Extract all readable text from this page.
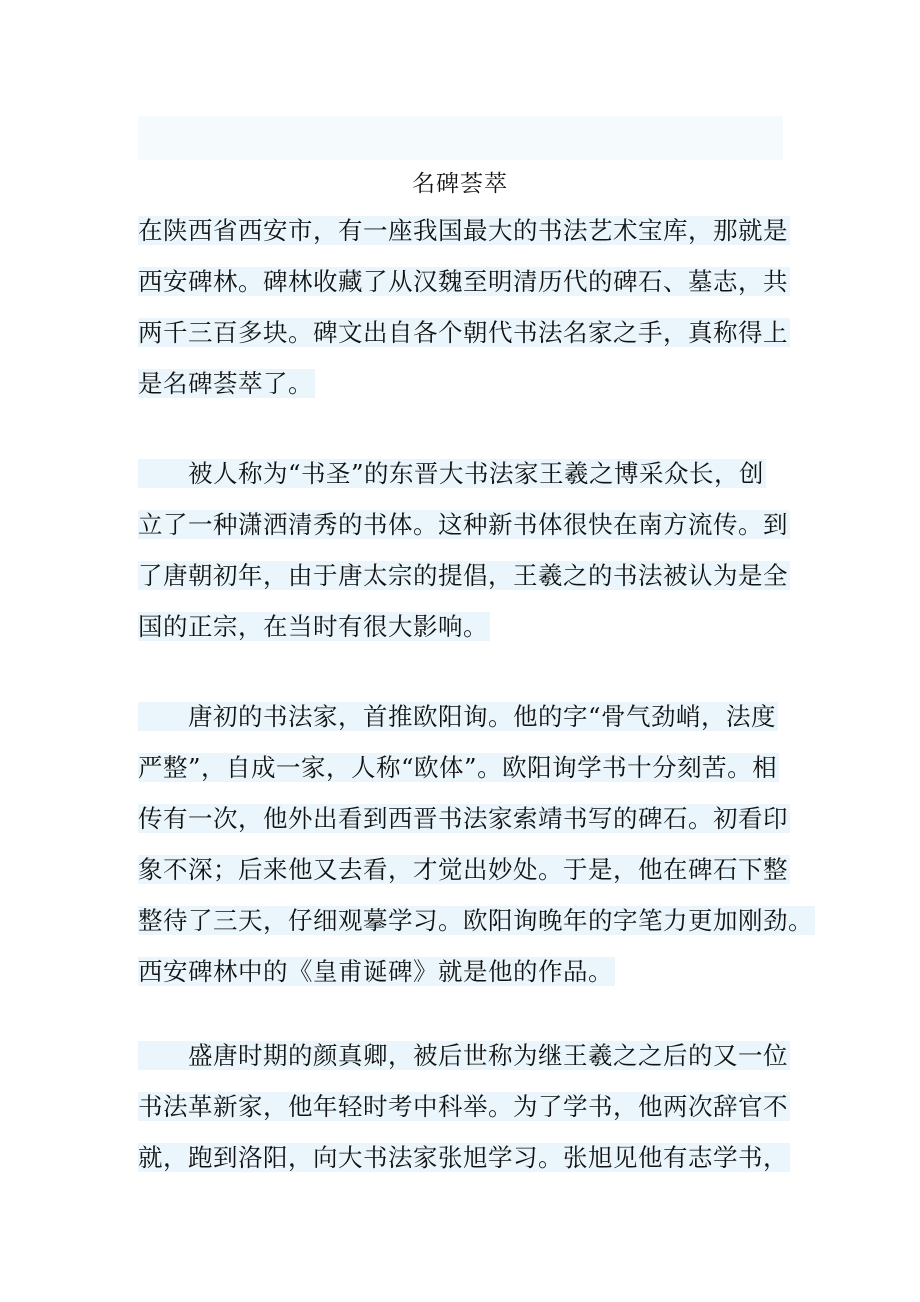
名碑荟萃
在陕西省西安市，有一座我国最大的书法艺术宝库，那就是
西安碑林。碑林收藏了从汉魏至明清历代的碑石、墓志，共
两千三百多块。碑文出自各个朝代书法名家之手，真称得上
是名碑荟萃了。
被人称为“书圣”的东晋大书法家王羲之博采众长，创
立了一种潇洒清秀的书体。这种新书体很快在南方流传。到
了唐朝初年，由于唐太宗的提倡，王羲之的书法被认为是全
国的正宗，在当时有很大影响。
唐初的书法家，首推欧阳询。他的字“骨气劲峭，法度
严整”，自成一家，人称“欧体”。欧阳询学书十分刻苦。相
传有一次，他外出看到西晋书法家索靖书写的碑石。初看印
象不深；后来他又去看，才觉出妙处。于是，他在碑石下整
整待了三天，仔细观摹学习。欧阳询晚年的字笔力更加刚劲。
西安碑林中的《皇甫诞碑》就是他的作品。
盛唐时期的颜真卿，被后世称为继王羲之之后的又一位
书法革新家，他年轻时考中科举。为了学书，他两次辞官不
就，跑到洛阳，向大书法家张旭学习。张旭见他有志学书，
